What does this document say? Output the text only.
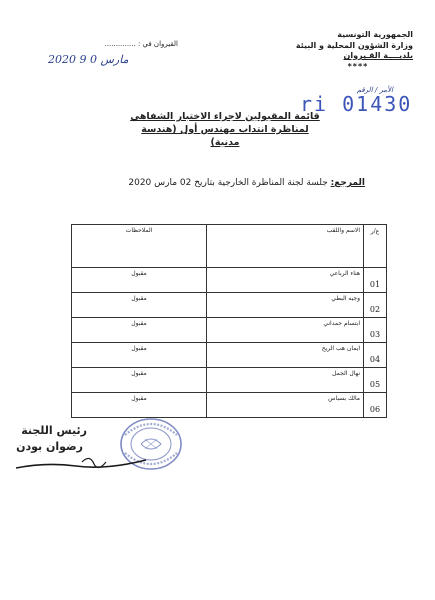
الجمهورية التونسية
وزارة الشؤون المحلية و البيئة
بلديــــة القـيروان
****
القيروان في : ..............
2020 مارس 0 9
الأمر / الرقم
ri 01430
قائمة المقبولين لاجراء الاختبار الشفاهي
لمناظرة انتداب مهندس أول (هندسة مدنية)
المرجع: جلسة لجنة المناظرة الخارجية بتاريخ 02 مارس 2020
ع/ر	الاسم واللقب	الملاحظات
01	هناء الرباعي	مقبول
02	وجيه البطي	مقبول
03	ابتسام حمداني	مقبول
04	ايمان هب الريح	مقبول
05	نهال الجمل	مقبول
06	مالك بسباس	مقبول
رئيس اللجنة
رضوان بودن
